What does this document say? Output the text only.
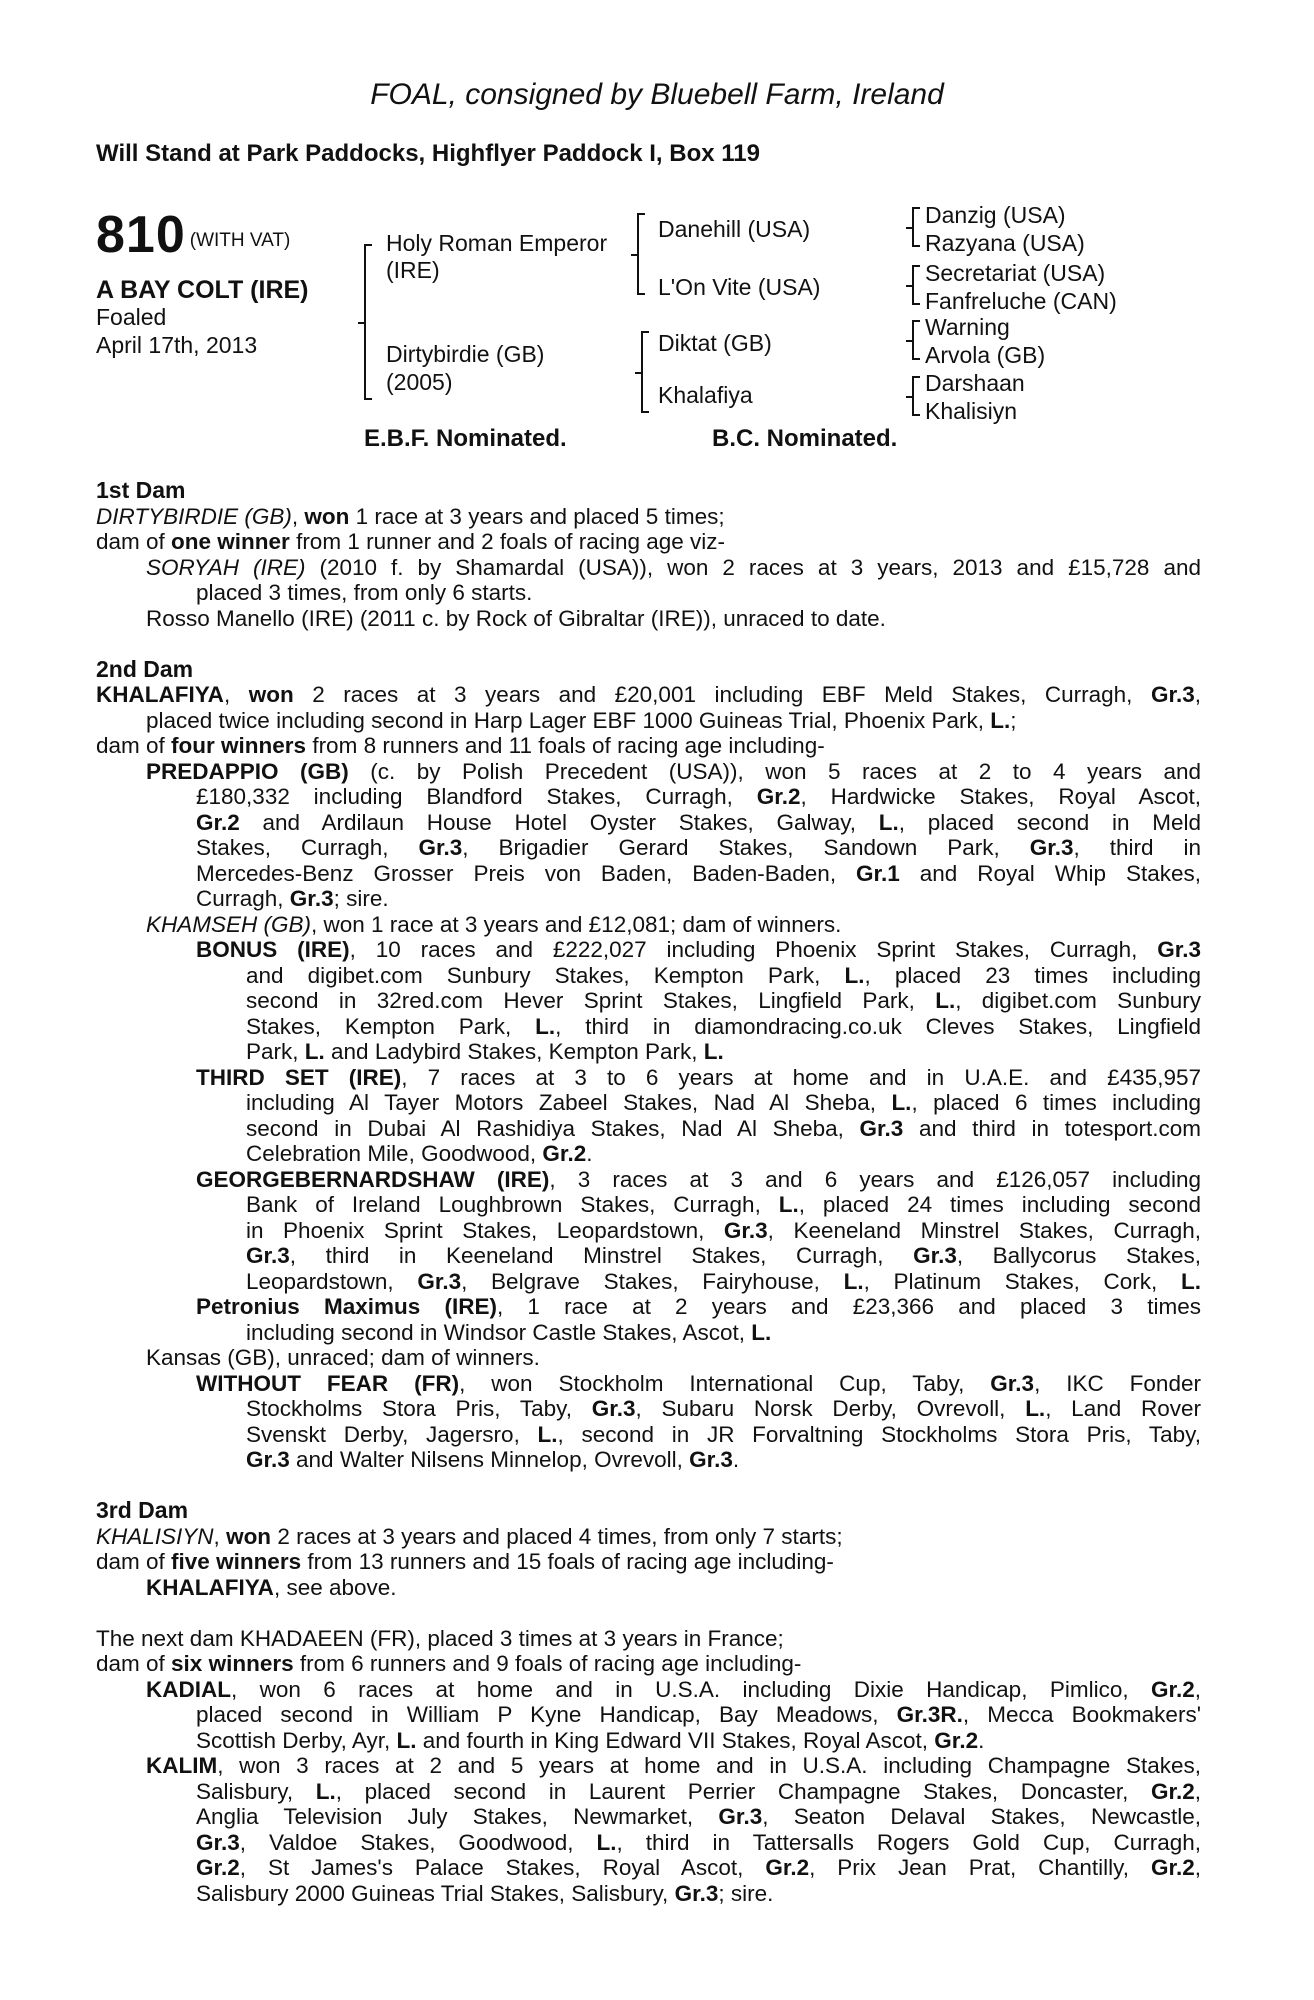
FOAL, consigned by Bluebell Farm, Ireland
Will Stand at Park Paddocks, Highflyer Paddock I, Box 119
810 (WITH VAT)
A BAY COLT (IRE)
Foaled
April 17th, 2013
Holy Roman Emperor
(IRE)
Dirtybirdie (GB)
(2005)
Danehill (USA)
L'On Vite (USA)
Diktat (GB)
Khalafiya
Danzig (USA)
Razyana (USA)
Secretariat (USA)
Fanfreluche (CAN)
Warning
Arvola (GB)
Darshaan
Khalisiyn
E.B.F. Nominated.	B.C. Nominated.
1st Dam
DIRTYBIRDIE (GB), won 1 race at 3 years and placed 5 times;
dam of one winner from 1 runner and 2 foals of racing age viz-
SORYAH (IRE) (2010 f. by Shamardal (USA)), won 2 races at 3 years, 2013 and £15,728 and
placed 3 times, from only 6 starts.
Rosso Manello (IRE) (2011 c. by Rock of Gibraltar (IRE)), unraced to date.
2nd Dam
KHALAFIYA, won 2 races at 3 years and £20,001 including EBF Meld Stakes, Curragh, Gr.3,
placed twice including second in Harp Lager EBF 1000 Guineas Trial, Phoenix Park, L.;
dam of four winners from 8 runners and 11 foals of racing age including-
PREDAPPIO (GB) (c. by Polish Precedent (USA)), won 5 races at 2 to 4 years and
£180,332 including Blandford Stakes, Curragh, Gr.2, Hardwicke Stakes, Royal Ascot,
Gr.2 and Ardilaun House Hotel Oyster Stakes, Galway, L., placed second in Meld
Stakes, Curragh, Gr.3, Brigadier Gerard Stakes, Sandown Park, Gr.3, third in
Mercedes-Benz Grosser Preis von Baden, Baden-Baden, Gr.1 and Royal Whip Stakes,
Curragh, Gr.3; sire.
KHAMSEH (GB), won 1 race at 3 years and £12,081; dam of winners.
BONUS (IRE), 10 races and £222,027 including Phoenix Sprint Stakes, Curragh, Gr.3
and digibet.com Sunbury Stakes, Kempton Park, L., placed 23 times including
second in 32red.com Hever Sprint Stakes, Lingfield Park, L., digibet.com Sunbury
Stakes, Kempton Park, L., third in diamondracing.co.uk Cleves Stakes, Lingfield
Park, L. and Ladybird Stakes, Kempton Park, L.
THIRD SET (IRE), 7 races at 3 to 6 years at home and in U.A.E. and £435,957
including Al Tayer Motors Zabeel Stakes, Nad Al Sheba, L., placed 6 times including
second in Dubai Al Rashidiya Stakes, Nad Al Sheba, Gr.3 and third in totesport.com
Celebration Mile, Goodwood, Gr.2.
GEORGEBERNARDSHAW (IRE), 3 races at 3 and 6 years and £126,057 including
Bank of Ireland Loughbrown Stakes, Curragh, L., placed 24 times including second
in Phoenix Sprint Stakes, Leopardstown, Gr.3, Keeneland Minstrel Stakes, Curragh,
Gr.3, third in Keeneland Minstrel Stakes, Curragh, Gr.3, Ballycorus Stakes,
Leopardstown, Gr.3, Belgrave Stakes, Fairyhouse, L., Platinum Stakes, Cork, L.
Petronius Maximus (IRE), 1 race at 2 years and £23,366 and placed 3 times
including second in Windsor Castle Stakes, Ascot, L.
Kansas (GB), unraced; dam of winners.
WITHOUT FEAR (FR), won Stockholm International Cup, Taby, Gr.3, IKC Fonder
Stockholms Stora Pris, Taby, Gr.3, Subaru Norsk Derby, Ovrevoll, L., Land Rover
Svenskt Derby, Jagersro, L., second in JR Forvaltning Stockholms Stora Pris, Taby,
Gr.3 and Walter Nilsens Minnelop, Ovrevoll, Gr.3.
3rd Dam
KHALISIYN, won 2 races at 3 years and placed 4 times, from only 7 starts;
dam of five winners from 13 runners and 15 foals of racing age including-
KHALAFIYA, see above.
The next dam KHADAEEN (FR), placed 3 times at 3 years in France;
dam of six winners from 6 runners and 9 foals of racing age including-
KADIAL, won 6 races at home and in U.S.A. including Dixie Handicap, Pimlico, Gr.2,
placed second in William P Kyne Handicap, Bay Meadows, Gr.3R., Mecca Bookmakers'
Scottish Derby, Ayr, L. and fourth in King Edward VII Stakes, Royal Ascot, Gr.2.
KALIM, won 3 races at 2 and 5 years at home and in U.S.A. including Champagne Stakes,
Salisbury, L., placed second in Laurent Perrier Champagne Stakes, Doncaster, Gr.2,
Anglia Television July Stakes, Newmarket, Gr.3, Seaton Delaval Stakes, Newcastle,
Gr.3, Valdoe Stakes, Goodwood, L., third in Tattersalls Rogers Gold Cup, Curragh,
Gr.2, St James's Palace Stakes, Royal Ascot, Gr.2, Prix Jean Prat, Chantilly, Gr.2,
Salisbury 2000 Guineas Trial Stakes, Salisbury, Gr.3; sire.
